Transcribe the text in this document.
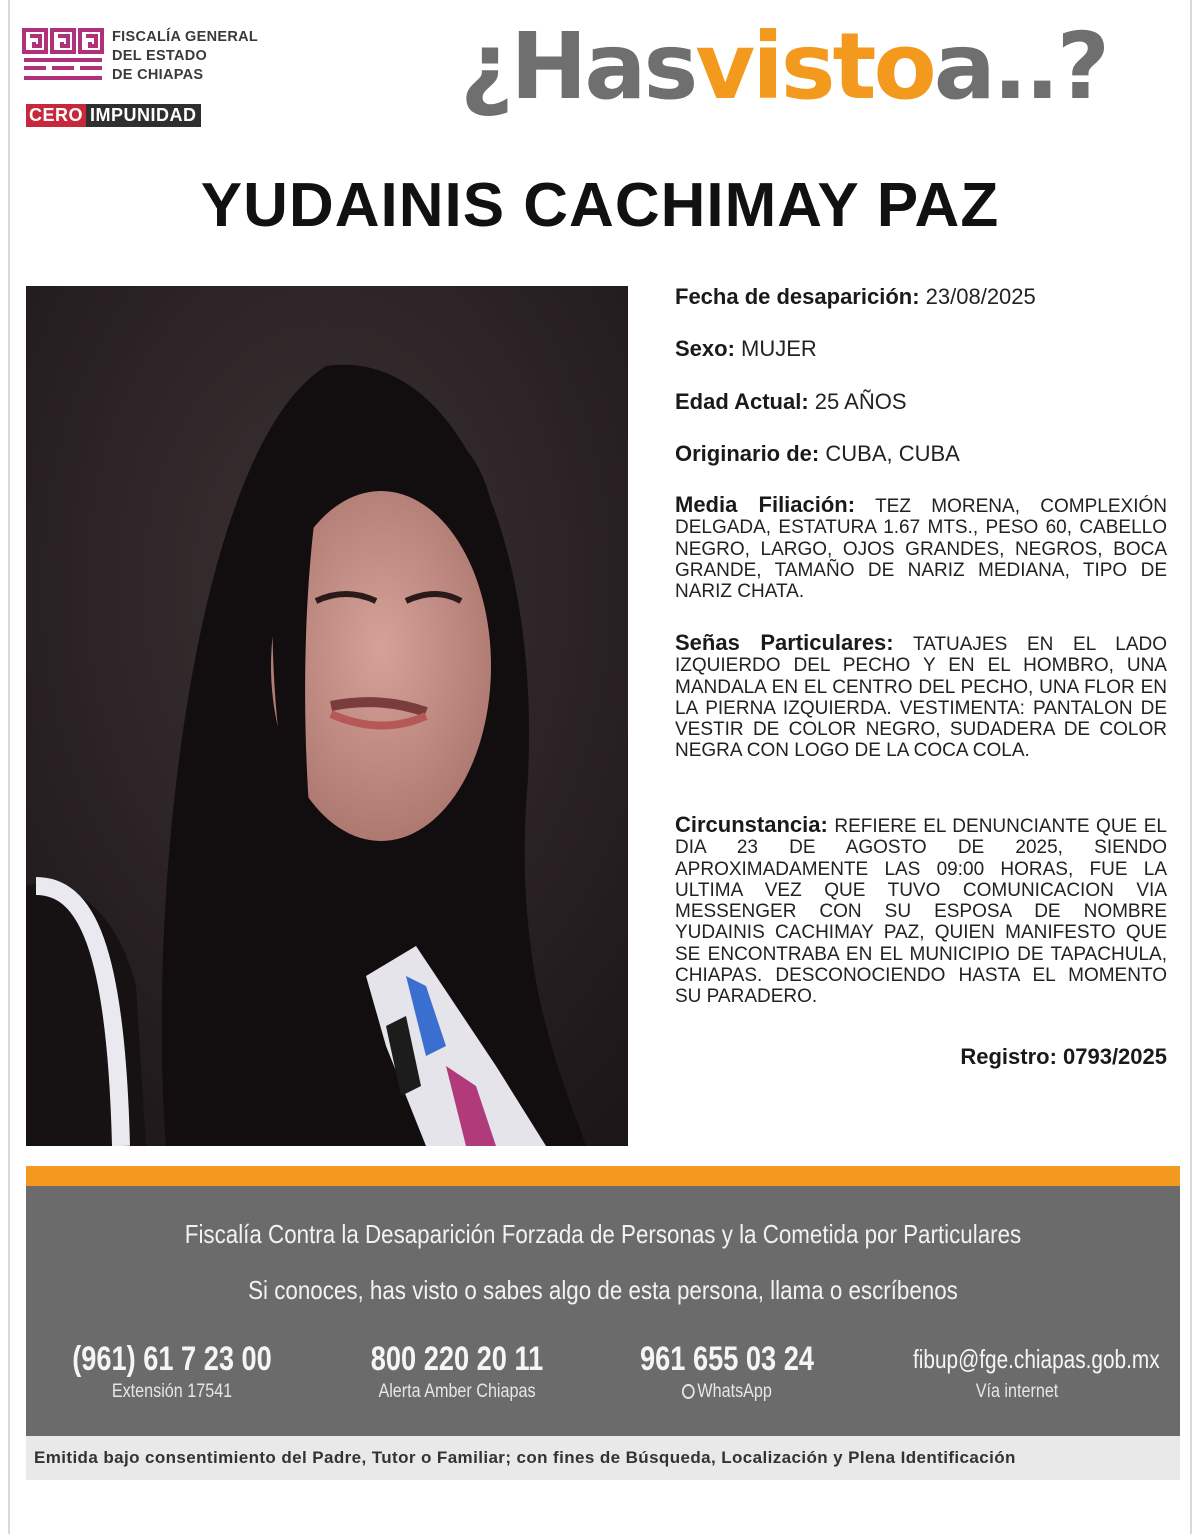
FISCALÍA GENERAL
DEL ESTADO
DE CHIAPAS
CERO IMPUNIDAD	¿Hasvistoa..?
YUDAINIS CACHIMAY PAZ
Fecha de desaparición: 23/08/2025
Sexo: MUJER
Edad Actual: 25 AÑOS
Originario de: CUBA, CUBA
Media Filiación: TEZ MORENA, COMPLEXIÓN DELGADA, ESTATURA 1.67 MTS., PESO 60, CABELLO NEGRO, LARGO, OJOS GRANDES, NEGROS, BOCA GRANDE, TAMAÑO DE NARIZ MEDIANA, TIPO DE NARIZ CHATA.
Señas Particulares: TATUAJES EN EL LADO IZQUIERDO DEL PECHO Y EN EL HOMBRO, UNA MANDALA EN EL CENTRO DEL PECHO, UNA FLOR EN LA PIERNA IZQUIERDA. VESTIMENTA: PANTALON DE VESTIR DE COLOR NEGRO, SUDADERA DE COLOR NEGRA CON LOGO DE LA COCA COLA.
Circunstancia: REFIERE EL DENUNCIANTE QUE EL DIA 23 DE AGOSTO DE 2025, SIENDO APROXIMADAMENTE LAS 09:00 HORAS, FUE LA ULTIMA VEZ QUE TUVO COMUNICACION VIA MESSENGER CON SU ESPOSA DE NOMBRE YUDAINIS CACHIMAY PAZ, QUIEN MANIFESTO QUE SE ENCONTRABA EN EL MUNICIPIO DE TAPACHULA, CHIAPAS. DESCONOCIENDO HASTA EL MOMENTO SU PARADERO.
Registro: 0793/2025
Fiscalía Contra la Desaparición Forzada de Personas y la Cometida por Particulares
Si conoces, has visto o sabes algo de esta persona, llama o escríbenos
(961) 61 7 23 00
Extensión 17541
800 220 20 11
Alerta Amber Chiapas
961 655 03 24
WhatsApp
fibup@fge.chiapas.gob.mx
Vía internet
Emitida bajo consentimiento del Padre, Tutor o Familiar; con fines de Búsqueda, Localización y Plena Identificación
